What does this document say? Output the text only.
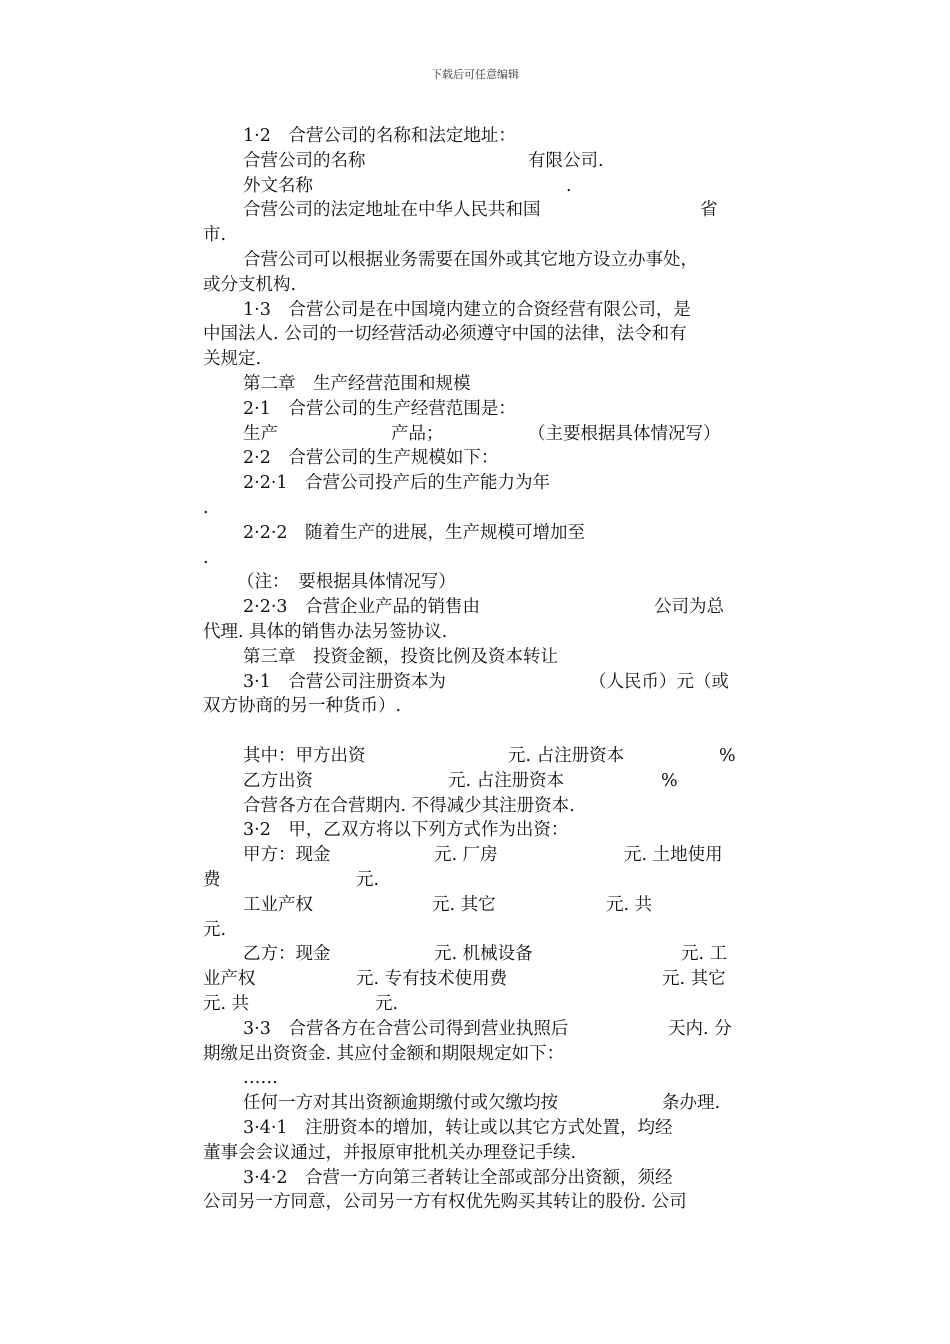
下载后可任意编辑
1·2　合营公司的名称和法定地址：
合营公司的名称	有限公司.
外文名称	.
合营公司的法定地址在中华人民共和国	省
市.
合营公司可以根据业务需要在国外或其它地方设立办事处，
或分支机构.
1·3　合营公司是在中国境内建立的合资经营有限公司，是
中国法人. 公司的一切经营活动必须遵守中国的法律，法令和有
关规定.
第二章　生产经营范围和规模
2·1　合营公司的生产经营范围是：
生产	产品；	（主要根据具体情况写）
2·2　合营公司的生产规模如下：
2·2·1　合营公司投产后的生产能力为年
.
2·2·2　随着生产的进展，生产规模可增加至
.
（注：　要根据具体情况写）
2·2·3　合营企业产品的销售由	公司为总
代理. 具体的销售办法另签协议.
第三章　投资金额，投资比例及资本转让
3·1　合营公司注册资本为	（人民币）元（或
双方协商的另一种货币）.
其中：甲方出资	元. 占注册资本	%
乙方出资	元. 占注册资本	%
合营各方在合营期内. 不得减少其注册资本.
3·2　甲，乙双方将以下列方式作为出资：
甲方：现金	元. 厂房	元. 土地使用
费	元.
工业产权	元. 其它	元. 共
元.
乙方：现金	元. 机械设备	元. 工
业产权	元. 专有技术使用费	元. 其它
元. 共	元.
3·3　合营各方在合营公司得到营业执照后	天内. 分
期缴足出资资金. 其应付金额和期限规定如下：
……
任何一方对其出资额逾期缴付或欠缴均按	条办理.
3·4·1　注册资本的增加，转让或以其它方式处置，均经
董事会会议通过，并报原审批机关办理登记手续.
3·4·2　合营一方向第三者转让全部或部分出资额，须经
公司另一方同意，公司另一方有权优先购买其转让的股份. 公司
